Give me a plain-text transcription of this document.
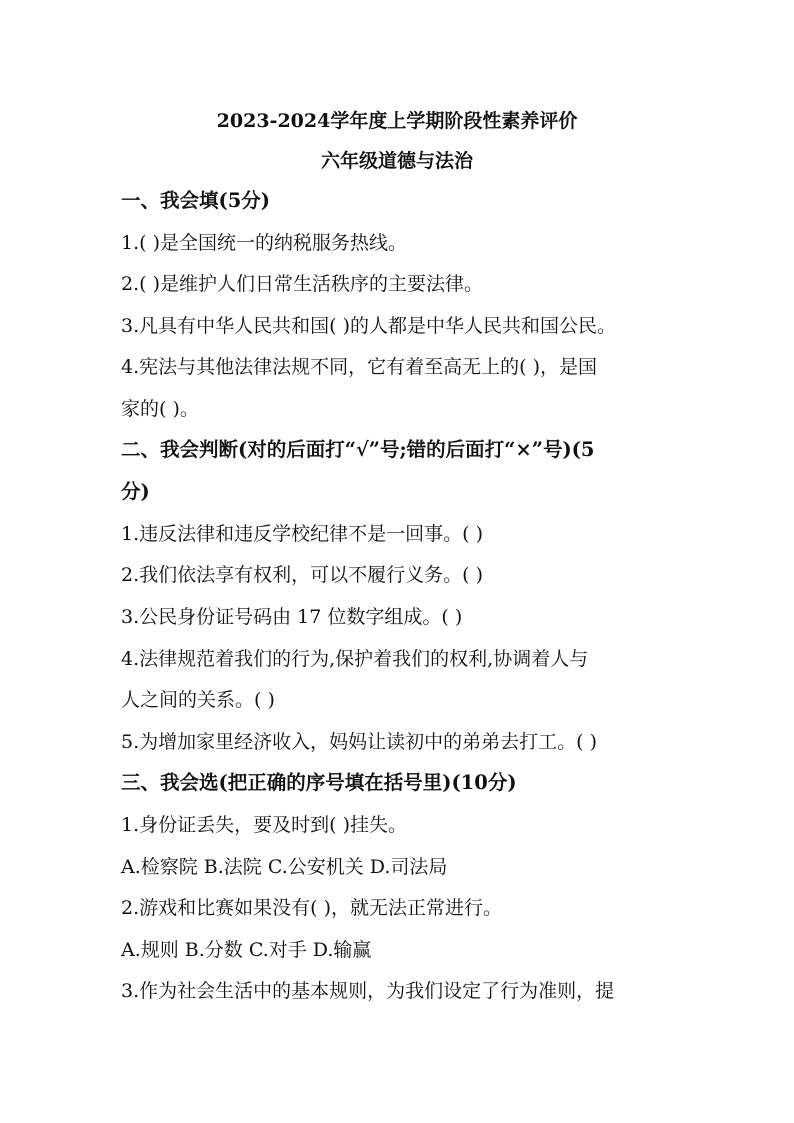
2023-2024学年度上学期阶段性素养评价
六年级道德与法治
一、我会填(5分)
1.( )是全国统一的纳税服务热线。
2.( )是维护人们日常生活秩序的主要法律。
3.凡具有中华人民共和国( )的人都是中华人民共和国公民。
4.宪法与其他法律法规不同，它有着至高无上的( )，是国
家的( )。
二、我会判断(对的后面打“√”号;错的后面打“×”号)(5
分)
1.违反法律和违反学校纪律不是一回事。( )
2.我们依法享有权利，可以不履行义务。( )
3.公民身份证号码由 17 位数字组成。( )
4.法律规范着我们的行为,保护着我们的权利,协调着人与
人之间的关系。( )
5.为增加家里经济收入，妈妈让读初中的弟弟去打工。( )
三、我会选(把正确的序号填在括号里)(10分)
1.身份证丢失，要及时到( )挂失。
A.检察院 B.法院 C.公安机关 D.司法局
2.游戏和比赛如果没有( )，就无法正常进行。
A.规则 B.分数 C.对手 D.输赢
3.作为社会生活中的基本规则，为我们设定了行为准则，提
